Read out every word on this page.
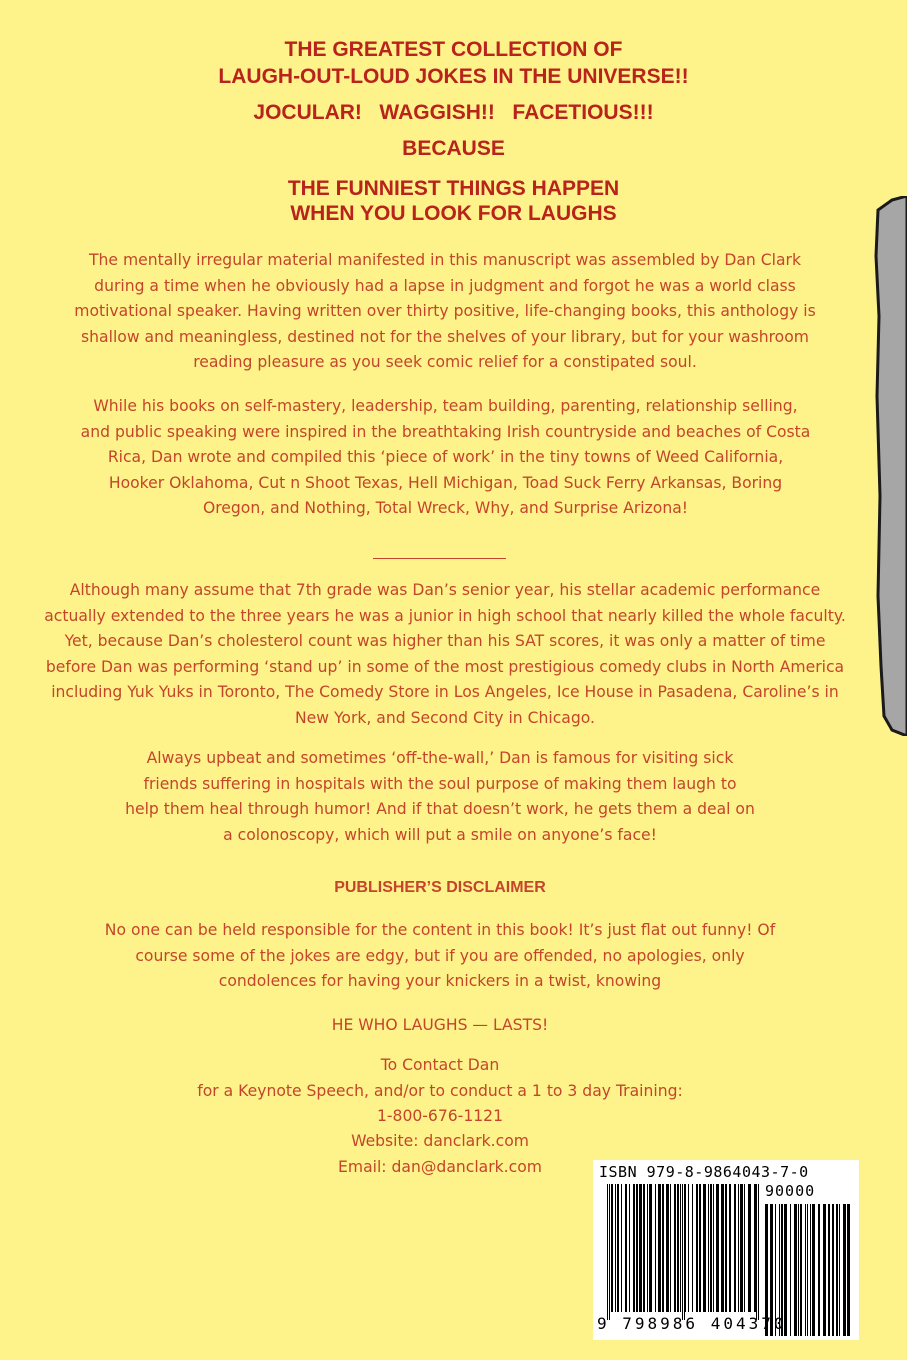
THE GREATEST COLLECTION OF

LAUGH-OUT-LOUD JOKES IN THE UNIVERSE!!

JOCULAR!   WAGGISH!!   FACETIOUS!!!

BECAUSE

THE FUNNIEST THINGS HAPPEN

WHEN YOU LOOK FOR LAUGHS

The mentally irregular material manifested in this manuscript was assembled by Dan Clark during a time when he obviously had a lapse in judgment and forgot he was a world class motivational speaker. Having written over thirty positive, life-changing books, this anthology is shallow and meaningless, destined not for the shelves of your library, but for your washroom reading pleasure as you seek comic relief for a constipated soul.

While his books on self-mastery, leadership, team building, parenting, relationship selling, and public speaking were inspired in the breathtaking Irish countryside and beaches of Costa Rica, Dan wrote and compiled this ‘piece of work’ in the tiny towns of Weed California, Hooker Oklahoma, Cut n Shoot Texas, Hell Michigan, Toad Suck Ferry Arkansas, Boring Oregon, and Nothing, Total Wreck, Why, and Surprise Arizona!

Although many assume that 7th grade was Dan’s senior year, his stellar academic performance actually extended to the three years he was a junior in high school that nearly killed the whole faculty. Yet, because Dan’s cholesterol count was higher than his SAT scores, it was only a matter of time before Dan was performing ‘stand up’ in some of the most prestigious comedy clubs in North America including Yuk Yuks in Toronto, The Comedy Store in Los Angeles, Ice House in Pasadena, Caroline’s in New York, and Second City in Chicago.

Always upbeat and sometimes ‘off-the-wall,’ Dan is famous for visiting sick friends suffering in hospitals with the soul purpose of making them laugh to help them heal through humor! And if that doesn’t work, he gets them a deal on a colonoscopy, which will put a smile on anyone’s face!

PUBLISHER’S DISCLAIMER

No one can be held responsible for the content in this book! It’s just flat out funny! Of course some of the jokes are edgy, but if you are offended, no apologies, only condolences for having your knickers in a twist, knowing

HE WHO LAUGHS — LASTS!

To Contact Dan

for a Keynote Speech, and/or to conduct a 1 to 3 day Training:

1-800-676-1121

Website: danclark.com

Email: dan@danclark.com	ISBN 979-8-9864043-7-0
90000
9 798986 404370
